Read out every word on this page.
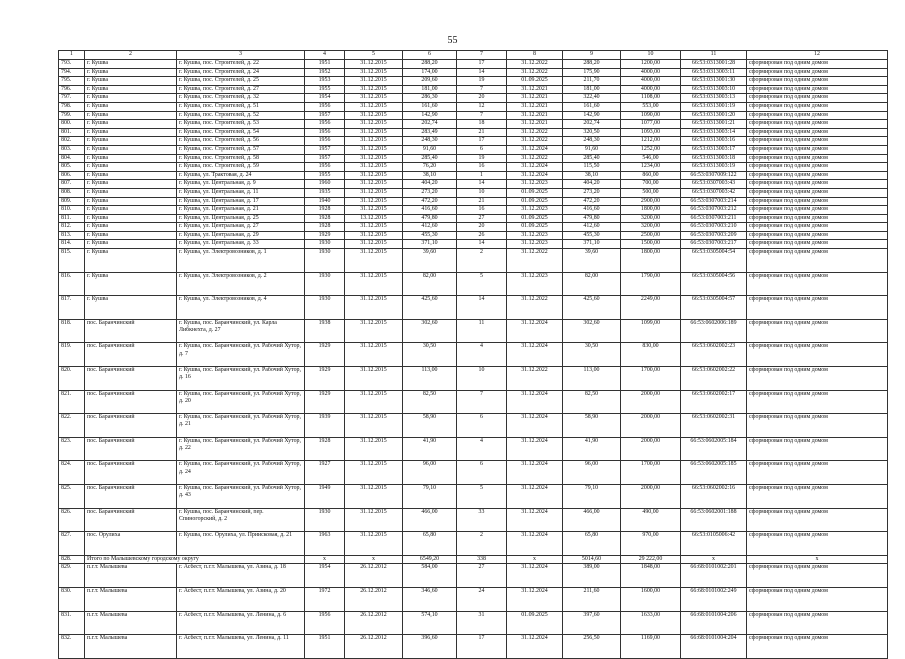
55
1	2	3	4	5	6	7	8	9	10	11	12
793.	г. Кушва	г. Кушва, пос. Строителей, д. 22	1951	31.12.2015	288,20	17	31.12.2022	288,20	1200,00	66:53:0313001:28	сформирован под одним домом
794.	г. Кушва	г. Кушва, пос. Строителей, д. 24	1952	31.12.2015	174,00	14	31.12.2022	175,90	4000,00	66:53:0313003:11	сформирован под одним домом
795.	г. Кушва	г. Кушва, пос. Строителей, д. 25	1953	31.12.2015	209,60	19	01.09.2025	211,70	4000,00	66:53:0313001:30	сформирован под одним домом
796.	г. Кушва	г. Кушва, пос. Строителей, д. 27	1955	31.12.2015	181,00	7	31.12.2021	181,00	4000,00	66:53:0313003:10	сформирован под одним домом
797.	г. Кушва	г. Кушва, пос. Строителей, д. 32	1954	31.12.2015	286,30	20	31.12.2021	322,40	1108,00	66:53:0313003:13	сформирован под одним домом
798.	г. Кушва	г. Кушва, пос. Строителей, д. 51	1956	31.12.2015	161,60	12	31.12.2021	161,60	553,00	66:53:0313001:19	сформирован под одним домом
799.	г. Кушва	г. Кушва, пос. Строителей, д. 52	1957	31.12.2015	142,90	7	31.12.2021	142,90	1090,00	66:53:0313001:20	сформирован под одним домом
800.	г. Кушва	г. Кушва, пос. Строителей, д. 53	1956	31.12.2015	202,74	18	31.12.2021	202,74	1077,00	66:53:0313001:21	сформирован под одним домом
801.	г. Кушва	г. Кушва, пос. Строителей, д. 54	1956	31.12.2015	283,49	21	31.12.2022	320,50	1093,00	66:53:0313003:14	сформирован под одним домом
802.	г. Кушва	г. Кушва, пос. Строителей, д. 56	1956	31.12.2015	248,30	17	31.12.2022	248,30	1212,00	66:53:0313003:16	сформирован под одним домом
803.	г. Кушва	г. Кушва, пос. Строителей, д. 57	1957	31.12.2015	91,60	6	31.12.2024	91,60	1252,00	66:53:0313003:17	сформирован под одним домом
804.	г. Кушва	г. Кушва, пос. Строителей, д. 58	1957	31.12.2015	285,40	19	31.12.2022	285,40	546,00	66:53:0313003:18	сформирован под одним домом
805.	г. Кушва	г. Кушва, пос. Строителей, д. 59	1956	31.12.2015	76,20	16	31.12.2024	115,50	1234,00	66:53:0313003:19	сформирован под одним домом
806.	г. Кушва	г. Кушва, ул. Трактовая, д. 24	1955	31.12.2015	38,10	1	31.12.2024	38,10	860,00	66:53:0307009:122	сформирован под одним домом
807.	г. Кушва	г. Кушва, ул. Центральная, д. 9	1960	31.12.2015	404,20	14	31.12.2023	404,20	700,00	66:53:0307003:43	сформирован под одним домом
808.	г. Кушва	г. Кушва, ул. Центральная, д. 11	1935	31.12.2015	273,20	10	01.09.2025	273,20	500,00	66:53:0307003:42	сформирован под одним домом
809.	г. Кушва	г. Кушва, ул. Центральная, д. 17	1940	31.12.2015	472,20	21	01.09.2025	472,20	2900,00	66:53:0307003:214	сформирован под одним домом
810.	г. Кушва	г. Кушва, ул. Центральная, д. 21	1928	31.12.2015	416,60	16	31.12.2023	416,60	1800,00	66:53:0307003:212	сформирован под одним домом
811.	г. Кушва	г. Кушва, ул. Центральная, д. 25	1928	13.12.2015	479,80	27	01.09.2025	479,80	3200,00	66:53:0307003:211	сформирован под одним домом
812.	г. Кушва	г. Кушва, ул. Центральная, д. 27	1928	31.12.2015	412,60	20	01.09.2025	412,60	3200,00	66:53:0307003:210	сформирован под одним домом
813.	г. Кушва	г. Кушва, ул. Центральная, д. 29	1929	31.12.2015	455,30	26	31.12.2023	455,30	2500,00	66:53:0307003:209	сформирован под одним домом
814.	г. Кушва	г. Кушва, ул. Центральная, д. 33	1930	31.12.2015	371,10	14	31.12.2023	371,10	1500,00	66:53:0307003:217	сформирован под одним домом
815.	г. Кушва	г. Кушва, ул. Электровозников, д. 1	1930	31.12.2015	39,60	2	31.12.2022	39,60	1800,00	66:53:0305004:54	сформирован под одним домом
816.	г. Кушва	г. Кушва, ул. Электровозников, д. 2	1930	31.12.2015	82,00	5	31.12.2023	82,00	1790,00	66:53:0305004:56	сформирован под одним домом
817.	г. Кушва	г. Кушва, ул. Электровозников, д. 4	1930	31.12.2015	425,60	14	31.12.2022	425,60	2249,00	66:53:0305004:57	сформирован под одним домом
818.	пос. Баранчинский	г. Кушва, пос. Баранчинский, ул. Карла Либкнехта, д. 27	1938	31.12.2015	302,60	11	31.12.2024	302,60	1099,00	66:53:0602006:189	сформирован под одним домом
819.	пос. Баранчинский	г. Кушва, пос. Баранчинский, ул. Рабочий Хутор, д. 7	1929	31.12.2015	30,50	4	31.12.2024	30,50	830,00	66:53:0602002:23	сформирован под одним домом
820.	пос. Баранчинский	г. Кушва, пос. Баранчинский, ул. Рабочий Хутор, д. 16	1929	31.12.2015	113,00	10	31.12.2022	113,00	1700,00	66:53:0602002:22	сформирован под одним домом
821.	пос. Баранчинский	г. Кушва, пос. Баранчинский, ул. Рабочий Хутор, д. 20	1929	31.12.2015	82,50	7	31.12.2024	82,50	2000,00	66:53:0602002:17	сформирован под одним домом
822.	пос. Баранчинский	г. Кушва, пос. Баранчинский, ул. Рабочий Хутор, д. 21	1939	31.12.2015	58,90	6	31.12.2024	58,90	2000,00	66:53:0602002:31	сформирован под одним домом
823.	пос. Баранчинский	г. Кушва, пос. Баранчинский, ул. Рабочий Хутор, д. 22	1928	31.12.2015	41,90	4	31.12.2024	41,90	2000,00	66:53:0602005:184	сформирован под одним домом
824.	пос. Баранчинский	г. Кушва, пос. Баранчинский, ул. Рабочий Хутор, д. 24	1927	31.12.2015	96,00	6	31.12.2024	96,00	1700,00	66:53:0602005:185	сформирован под одним домом
825.	пос. Баранчинский	г. Кушва, пос. Баранчинский, ул. Рабочий Хутор, д. 43	1949	31.12.2015	79,10	5	31.12.2024	79,10	2000,00	66:53:0602002:16	сформирован под одним домом
826.	пос. Баранчинский	г. Кушва, пос. Баранчинский, пер. Спиногорский, д. 2	1930	31.12.2015	466,00	33	31.12.2024	466,00	490,00	66:53:0602001:188	сформирован под одним домом
827.	пос. Орулиха	г. Кушва, пос. Орулиха, ул. Приисковая, д. 21	1963	31.12.2015	65,80	2	31.12.2024	65,80	970,00	66:53:0105006:42	сформирован под одним домом
828.	Итого по Малышевскому городскому округу		x	x	6549,20	338	x	5014,60	29 222,00	x	x
829.	п.г.т. Малышева	г. Асбест, п.г.т. Малышева, ул. Азина, д. 18	1954	26.12.2012	584,00	27	31.12.2024	389,00	1848,00	66:68:0101002:201	сформирован под одним домом
830.	п.г.т. Малышева	г. Асбест, п.г.т. Малышева, ул. Азина, д. 20	1972	26.12.2012	346,60	24	31.12.2024	211,60	1600,00	66:68:0101002:249	сформирован под одним домом
831.	п.г.т. Малышева	г. Асбест, п.г.т. Малышева, ул. Ленина, д. 6	1956	26.12.2012	574,10	31	01.09.2025	397,60	1633,00	66:68:0101004:206	сформирован под одним домом
832.	п.г.т. Малышева	г. Асбест, п.г.т. Малышева, ул. Ленина, д. 11	1951	26.12.2012	396,60	17	31.12.2024	256,50	1169,00	66:68:0101004:204	сформирован под одним домом
